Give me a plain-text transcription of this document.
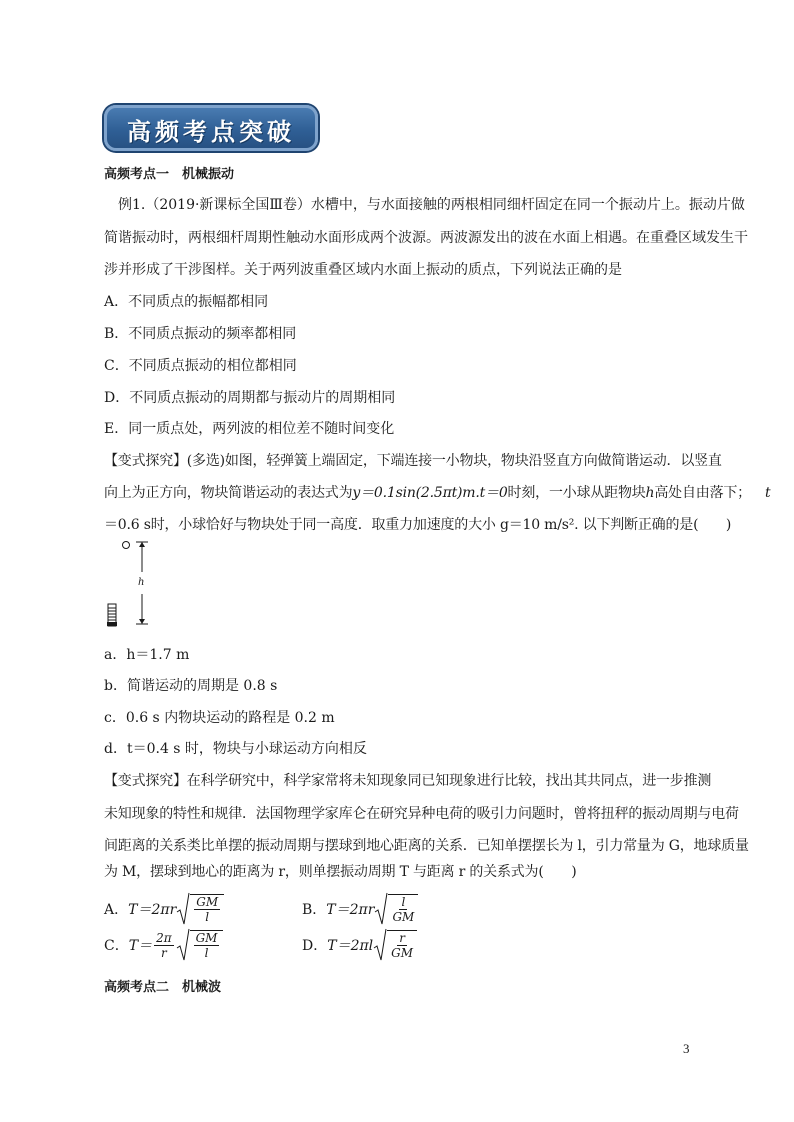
高频考点突破
高频考点一　机械振动
例1.（2019·新课标全国Ⅲ卷）水槽中，与水面接触的两根相同细杆固定在同一个振动片上。振动片做
简谐振动时，两根细杆周期性触动水面形成两个波源。两波源发出的波在水面上相遇。在重叠区域发生干
涉并形成了干涉图样。关于两列波重叠区域内水面上振动的质点，下列说法正确的是
A．不同质点的振幅都相同
B．不同质点振动的频率都相同
C．不同质点振动的相位都相同
D．不同质点振动的周期都与振动片的周期相同
E．同一质点处，两列波的相位差不随时间变化
【变式探究】(多选)如图，轻弹簧上端固定，下端连接一小物块，物块沿竖直方向做简谐运动．以竖直
向上为正方向，物块简谐运动的表达式为y＝0.1sin(2.5πt)m.t＝0时刻，一小球从距物块h高处自由落下； t
＝0.6 s时，小球恰好与物块处于同一高度．取重力加速度的大小 g＝10 m/s². 以下判断正确的是(　　)
h
a．h＝1.7 m
b．简谐运动的周期是 0.8 s
c．0.6 s 内物块运动的路程是 0.2 m
d．t＝0.4 s 时，物块与小球运动方向相反
【变式探究】在科学研究中，科学家常将未知现象同已知现象进行比较，找出其共同点，进一步推测
未知现象的特性和规律．法国物理学家库仑在研究异种电荷的吸引力问题时，曾将扭秤的振动周期与电荷
间距离的关系类比单摆的振动周期与摆球到地心距离的关系．已知单摆摆长为 l，引力常量为 G，地球质量
为 M，摆球到地心的距离为 r，则单摆振动周期 T 与距离 r 的关系式为(　　)
A． $T=2\pi r \frac{GM}{l}$	B． $T=2\pi r \frac{l}{GM}$
C． $T= \frac{2\pi}{r} \frac{GM}{l}$	D． $T=2\pi l \frac{r}{GM}$
高频考点二　机械波
3
